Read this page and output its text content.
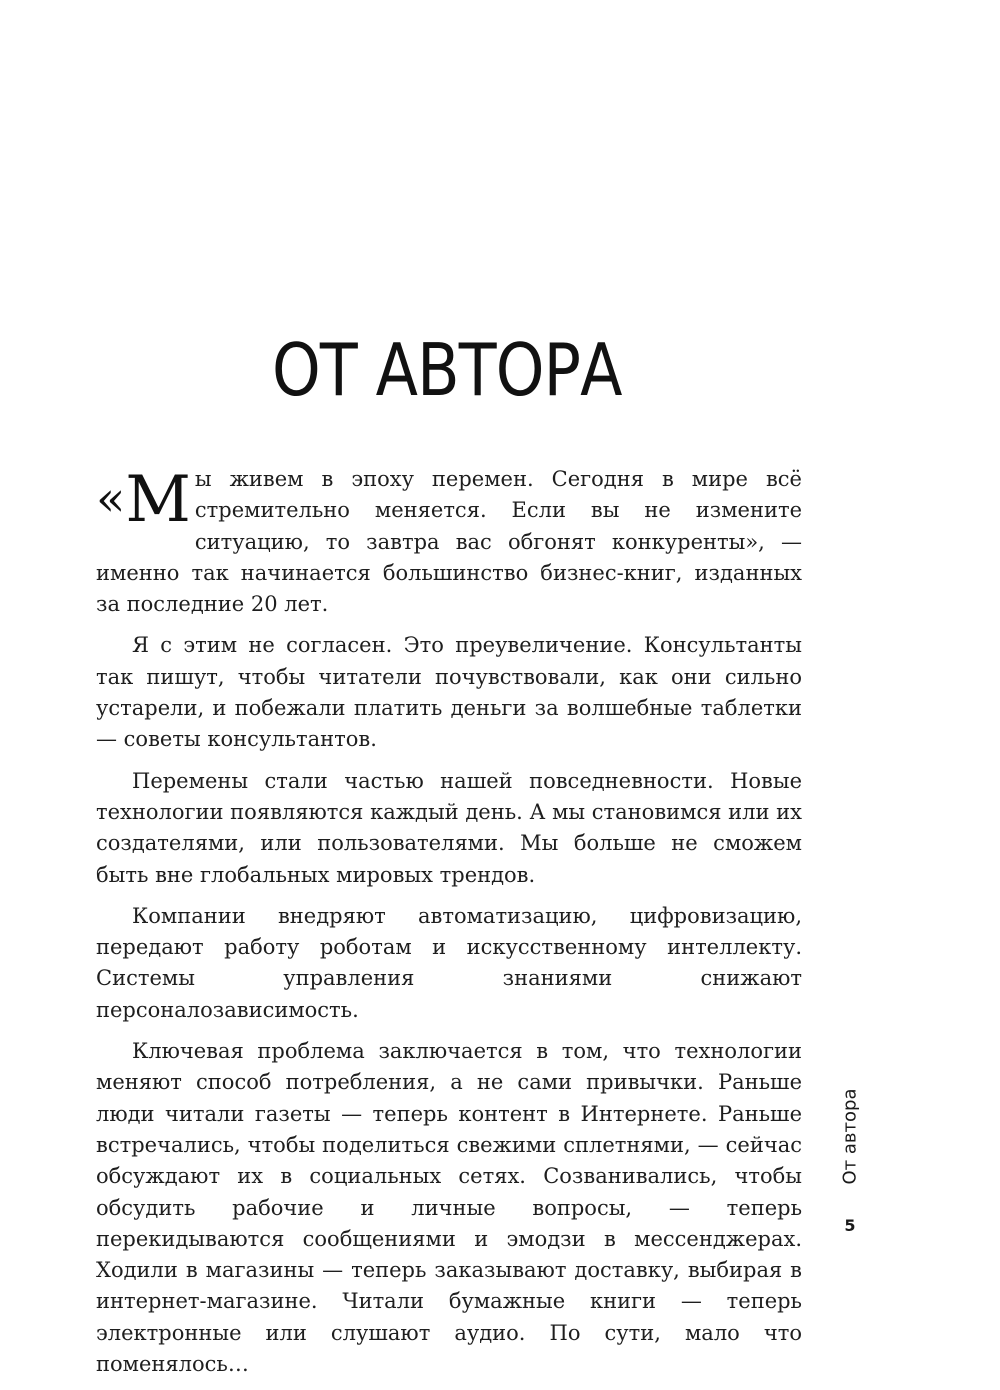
ОТ АВТОРА

«М ы живем в эпоху перемен. Сегодня в мире всё стремительно меняется. Если вы не измените ситуацию, то завтра вас обгонят конкуренты», — именно так начинается большинство бизнес-книг, изданных за последние 20 лет.

Я с этим не согласен. Это преувеличение. Консультанты так пишут, чтобы читатели почувствовали, как они сильно устарели, и побежали платить деньги за волшебные таблетки — советы консультантов.

Перемены стали частью нашей повседневности. Новые технологии появляются каждый день. А мы становимся или их создателями, или пользователями. Мы больше не сможем быть вне глобальных мировых трендов.

Компании внедряют автоматизацию, цифровизацию, передают работу роботам и искусственному интеллекту. Системы управления знаниями снижают персоналозависимость.

Ключевая проблема заключается в том, что технологии меняют способ потребления, а не сами привычки. Раньше люди читали газеты — теперь контент в Интернете. Раньше встречались, чтобы поделиться свежими сплетнями, — сейчас обсуждают их в социальных сетях. Созванивались, чтобы обсудить рабочие и личные вопросы, — теперь перекидываются сообщениями и эмодзи в мессенджерах. Ходили в магазины — теперь заказывают доставку, выбирая в интернет-магазине. Читали бумажные книги — теперь электронные или слушают аудио. По сути, мало что поменялось…

От автора
5
